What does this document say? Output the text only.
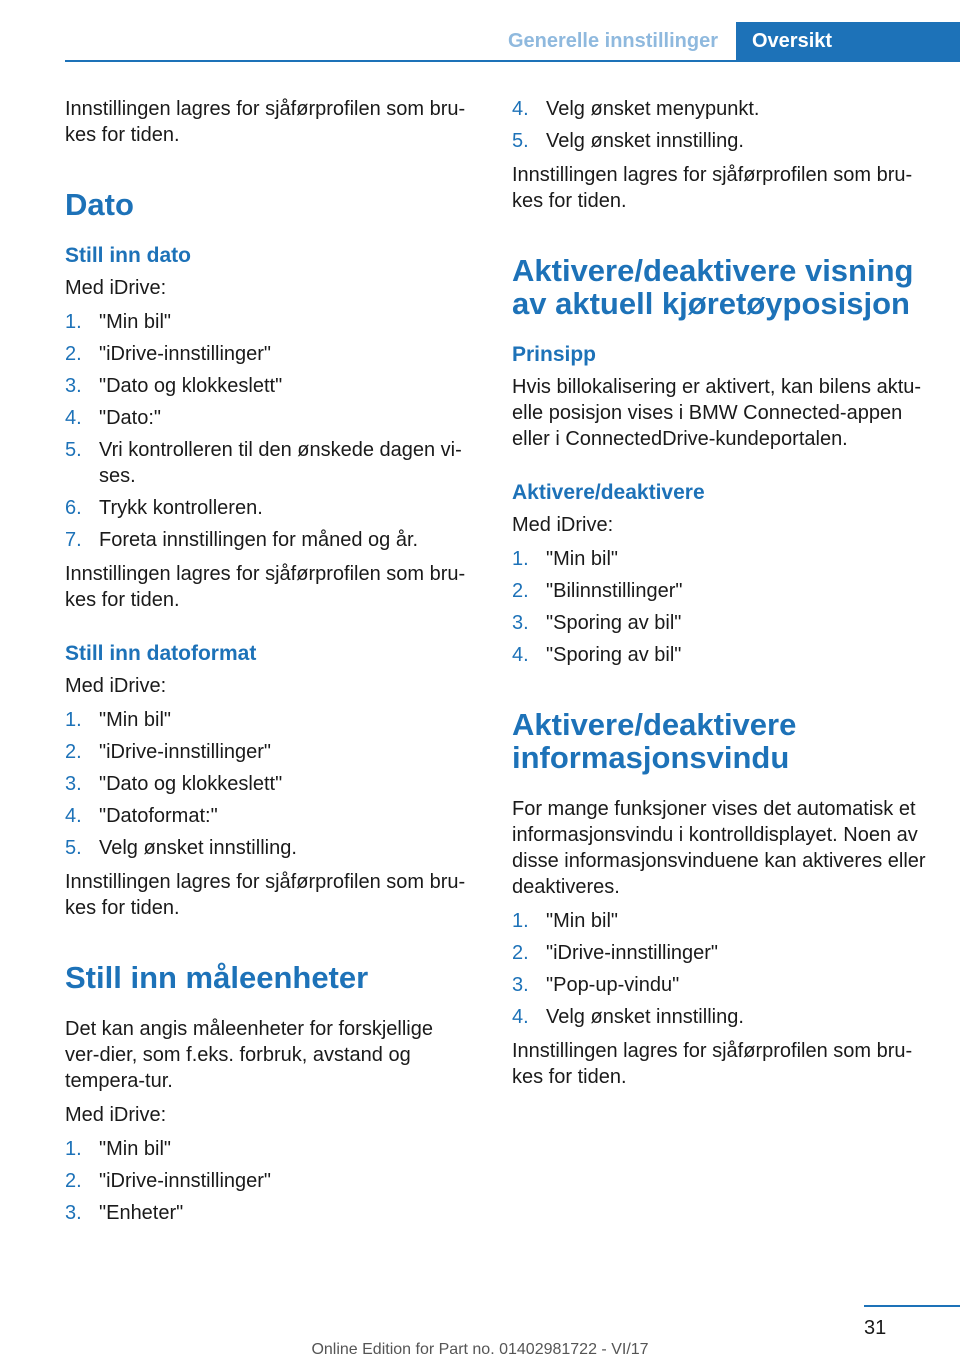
Generelle innstillinger	Oversikt

Innstillingen lagres for sjåførprofilen som bru‐kes for tiden.

Dato
Still inn dato

Med iDrive:

1. "Min bil"
2. "iDrive-innstillinger"
3. "Dato og klokkeslett"
4. "Dato:"
5. Vri kontrolleren til den ønskede dagen vi‐ses.
6. Trykk kontrolleren.
7. Foreta innstillingen for måned og år.

Innstillingen lagres for sjåførprofilen som bru‐kes for tiden.

Still inn datoformat

Med iDrive:

1. "Min bil"
2. "iDrive-innstillinger"
3. "Dato og klokkeslett"
4. "Datoformat:"
5. Velg ønsket innstilling.

Innstillingen lagres for sjåførprofilen som bru‐kes for tiden.

Still inn måleenheter

Det kan angis måleenheter for forskjellige ver‐dier, som f.eks. forbruk, avstand og tempera‐tur.

Med iDrive:

1. "Min bil"
2. "iDrive-innstillinger"
3. "Enheter"
4. Velg ønsket menypunkt.
5. Velg ønsket innstilling.

Innstillingen lagres for sjåførprofilen som bru‐kes for tiden.

Aktivere/deaktivere visning av aktuell kjøretøyposisjon
Prinsipp

Hvis billokalisering er aktivert, kan bilens aktu‐elle posisjon vises i BMW Connected-appen eller i ConnectedDrive-kundeportalen.

Aktivere/deaktivere

Med iDrive:

1. "Min bil"
2. "Bilinnstillinger"
3. "Sporing av bil"
4. "Sporing av bil"
Aktivere/deaktivere informasjonsvindu

For mange funksjoner vises det automatisk et informasjonsvindu i kontrolldisplayet. Noen av disse informasjonsvinduene kan aktiveres eller deaktiveres.

1. "Min bil"
2. "iDrive-innstillinger"
3. "Pop-up-vindu"
4. Velg ønsket innstilling.

Innstillingen lagres for sjåførprofilen som bru‐kes for tiden.

31
Online Edition for Part no. 01402981722 - VI/17
